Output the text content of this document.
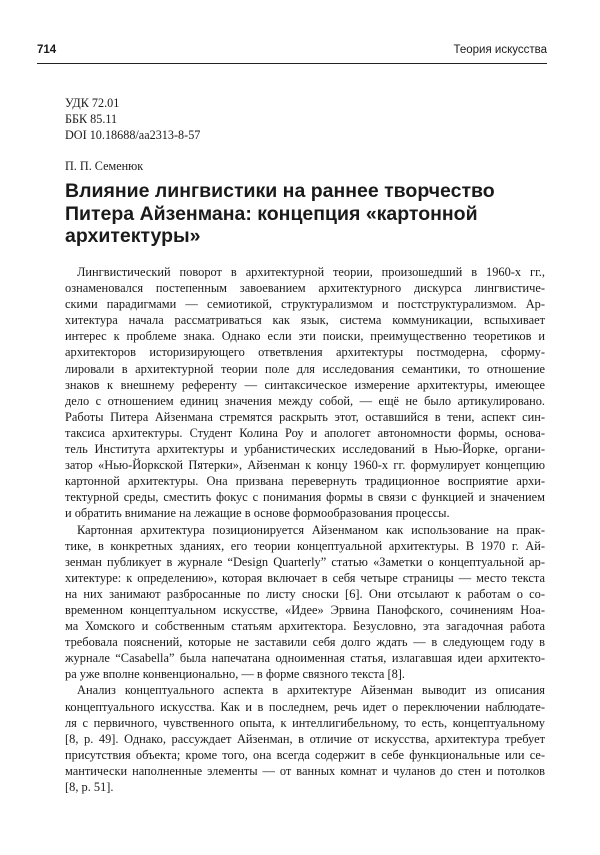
714	Теория искусства
УДК 72.01
ББК 85.11
DOI 10.18688/aa2313-8-57
П. П. Семенюк
Влияние лингвистики на раннее творчество
Питера Айзенмана: концепция «картонной
архитектуры»

Лингвистический поворот в архитектурной теории, произошедший в 1960-х гг.,
ознаменовался постепенным завоеванием архитектурного дискурса лингвистиче-
скими парадигмами — семиотикой, структурализмом и постструктурализмом. Ар-
хитектура начала рассматриваться как язык, система коммуникации, вспыхивает
интерес к проблеме знака. Однако если эти поиски, преимущественно теоретиков и
архитекторов историзирующего ответвления архитектуры постмодерна, сформу-
лировали в архитектурной теории поле для исследования семантики, то отношение
знаков к внешнему референту — синтаксическое измерение архитектуры, имеющее
дело с отношением единиц значения между собой, — ещё не было артикулировано.
Работы Питера Айзенмана стремятся раскрыть этот, оставшийся в тени, аспект син-
таксиса архитектуры. Студент Колина Роу и апологет автономности формы, основа-
тель Института архитектуры и урбанистических исследований в Нью-Йорке, органи-
затор «Нью-Йоркской Пятерки», Айзенман к концу 1960-х гг. формулирует концепцию
картонной архитектуры. Она призвана перевернуть традиционное восприятие архи-
тектурной среды, сместить фокус с понимания формы в связи с функцией и значением
и обратить внимание на лежащие в основе формообразования процессы.

Картонная архитектура позиционируется Айзенманом как использование на прак-
тике, в конкретных зданиях, его теории концептуальной архитектуры. В 1970 г. Ай-
зенман публикует в журнале “Design Quarterly” статью «Заметки о концептуальной ар-
хитектуре: к определению», которая включает в себя четыре страницы — место текста
на них занимают разбросанные по листу сноски [6]. Они отсылают к работам о со-
временном концептуальном искусстве, «Идее» Эрвина Панофского, сочинениям Ноа-
ма Хомского и собственным статьям архитектора. Безусловно, эта загадочная работа
требовала пояснений, которые не заставили себя долго ждать — в следующем году в
журнале “Casabella” была напечатана одноименная статья, излагавшая идеи архитекто-
ра уже вполне конвенционально, — в форме связного текста [8].

Анализ концептуального аспекта в архитектуре Айзенман выводит из описания
концептуального искусства. Как и в последнем, речь идет о переключении наблюдате-
ля с первичного, чувственного опыта, к интеллигибельному, то есть, концептуальному
[8, p. 49]. Однако, рассуждает Айзенман, в отличие от искусства, архитектура требует
присутствия объекта; кроме того, она всегда содержит в себе функциональные или се-
мантически наполненные элементы — от ванных комнат и чуланов до стен и потолков
[8, p. 51].
